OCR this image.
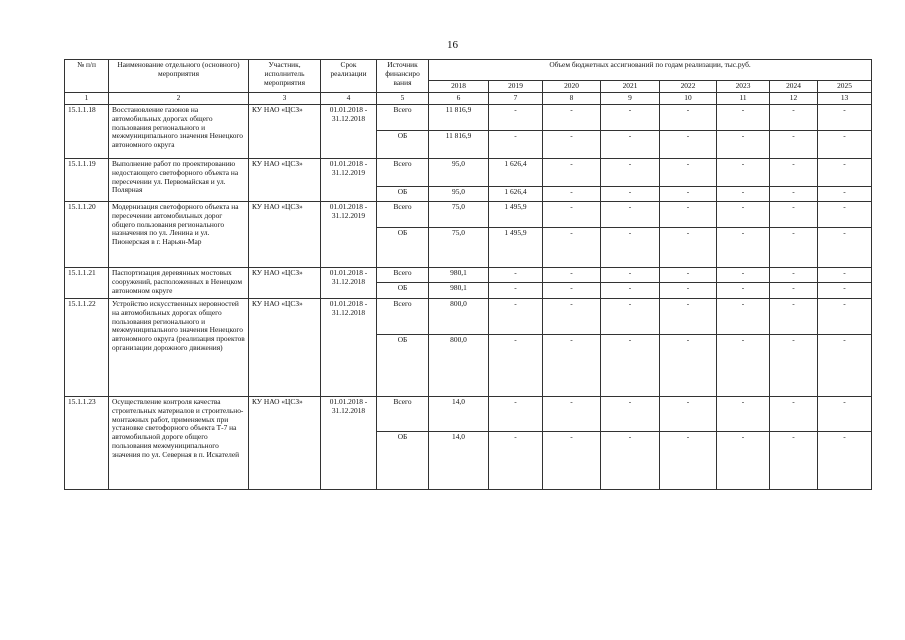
16
№ п/п	Наименование отдельного (основного) мероприятия	Участник, исполнитель мероприятия	Срок реализации	Источник финансиро вания	Объем бюджетных ассигнований по годам реализации, тыс.руб.							
					2018	2019	2020	2021	2022	2023	2024	2025
1	2	3	4	5	6	7	8	9	10	11	12	13
15.1.1.18	Восстановление газонов на автомобильных дорогах общего пользования регионального и межмуниципального значения Ненецкого автономного округа	КУ НАО «ЦСЗ»	01.01.2018 - 31.12.2018	Всего	11 816,9	-	-	-	-	-	-	-
				ОБ	11 816,9	-	-	-	-	-	-	-
15.1.1.19	Выполнение работ по проектированию недостающего светофорного объекта на пересечении ул. Первомайская и ул. Полярная	КУ НАО «ЦСЗ»	01.01.2018 - 31.12.2019	Всего	95,0	1 626,4	-	-	-	-	-	-
				ОБ	95,0	1 626,4	-	-	-	-	-	-
15.1.1.20	Модернизация светофорного объекта на пересечении автомобильных дорог общего пользования регионального назначения по ул. Ленина и ул. Пионерская в г. Нарьян-Мар	КУ НАО «ЦСЗ»	01.01.2018 - 31.12.2019	Всего	75,0	1 495,9	-	-	-	-	-	-
				ОБ	75,0	1 495,9	-	-	-	-	-	-
15.1.1.21	Паспортизация деревянных мостовых сооружений, расположенных в Ненецком автономном округе	КУ НАО «ЦСЗ»	01.01.2018 - 31.12.2018	Всего	980,1	-	-	-	-	-	-	-
				ОБ	980,1	-	-	-	-	-	-	-
15.1.1.22	Устройство искусственных неровностей на автомобильных дорогах общего пользования регионального и межмуниципального значения Ненецкого автономного округа (реализация проектов организации дорожного движения)	КУ НАО «ЦСЗ»	01.01.2018 - 31.12.2018	Всего	800,0	-	-	-	-	-	-	-
				ОБ	800,0	-	-	-	-	-	-	-
15.1.1.23	Осуществление контроля качества строительных материалов и строительно-монтажных работ, применяемых при установке светофорного объекта Т-7 на автомобильной дороге общего пользования межмуниципального значения по ул. Северная в п. Искателей	КУ НАО «ЦСЗ»	01.01.2018 - 31.12.2018	Всего	14,0	-	-	-	-	-	-	-
				ОБ	14,0	-	-	-	-	-	-	-
